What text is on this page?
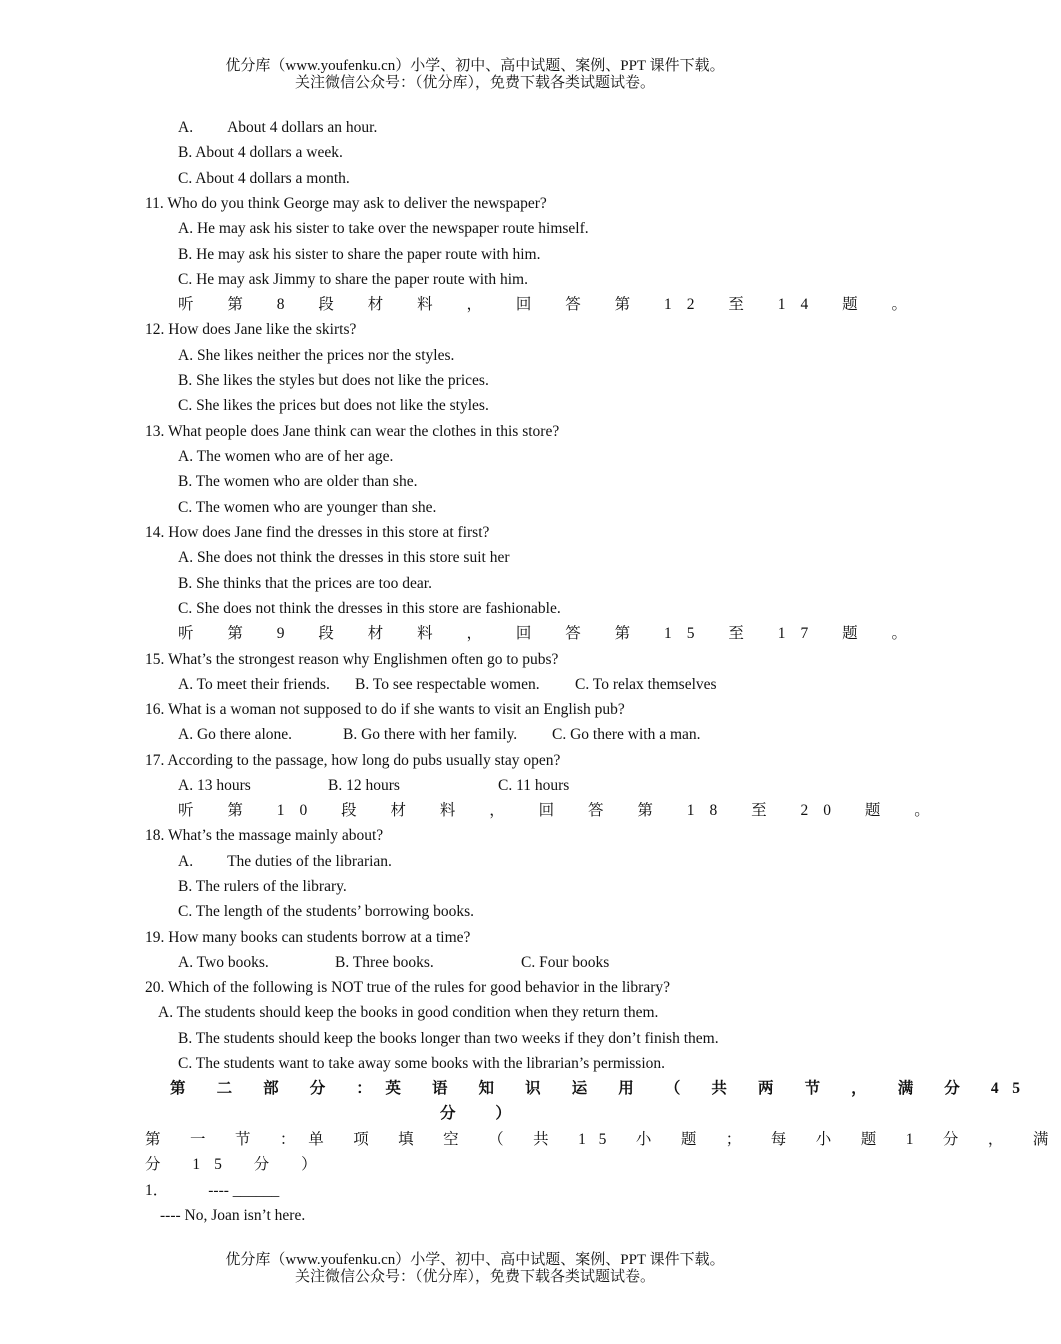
优分库（www.youfenku.cn）小学、初中、高中试题、案例、PPT 课件下载。
关注微信公众号：（优分库），免费下载各类试题试卷。
A. About 4 dollars an hour.
B. About 4 dollars a week.
C. About 4 dollars a month.
11. Who do you think George may ask to deliver the newspaper?
A. He may ask his sister to take over the newspaper route himself.
B. He may ask his sister to share the paper route with him.
C. He may ask Jimmy to share the paper route with him.
听 第 8 段 材 料 ， 回 答 第 12 至 14 题 。
12. How does Jane like the skirts?
A. She likes neither the prices nor the styles.
B. She likes the styles but does not like the prices.
C. She likes the prices but does not like the styles.
13. What people does Jane think can wear the clothes in this store?
A. The women who are of her age.
B. The women who are older than she.
C. The women who are younger than she.
14. How does Jane find the dresses in this store at first?
A. She does not think the dresses in this store suit her
B. She thinks that the prices are too dear.
C. She does not think the dresses in this store are fashionable.
听 第 9 段 材 料 ， 回 答 第 15 至 17 题 。
15. What’s the strongest reason why Englishmen often go to pubs?
A. To meet their friends. B. To see respectable women. C. To relax themselves
16. What is a woman not supposed to do if she wants to visit an English pub?
A. Go there alone.	B. Go there with her family. C. Go there with a man.
17. According to the passage, how long do pubs usually stay open?
A. 13 hours	B. 12 hours	C. 11 hours
听 第 10 段 材 料 ， 回 答 第 18 至 20 题 。
18. What’s the massage mainly about?
A. The duties of the librarian.
B. The rulers of the library.
C. The length of the students’ borrowing books.
19. How many books can students borrow at a time?
A. Two books.	B. Three books.	C. Four books
20. Which of the following is NOT true of the rules for good behavior in the library?
A. The students should keep the books in good condition when they return them.
B. The students should keep the books longer than two weeks if they don’t finish them.
C. The students want to take away some books with the librarian’s permission.
第 二 部 分 ：英 语 知 识 运 用 （ 共 两 节 ， 满 分 45
分 ）
第 一 节 ：单 项 填 空 （ 共 15 小 题 ； 每 小 题 1 分 ， 满
分 15 分 ）
1．	---- ______
---- No, Joan isn’t here.
优分库（www.youfenku.cn）小学、初中、高中试题、案例、PPT 课件下载。
关注微信公众号：（优分库），免费下载各类试题试卷。
